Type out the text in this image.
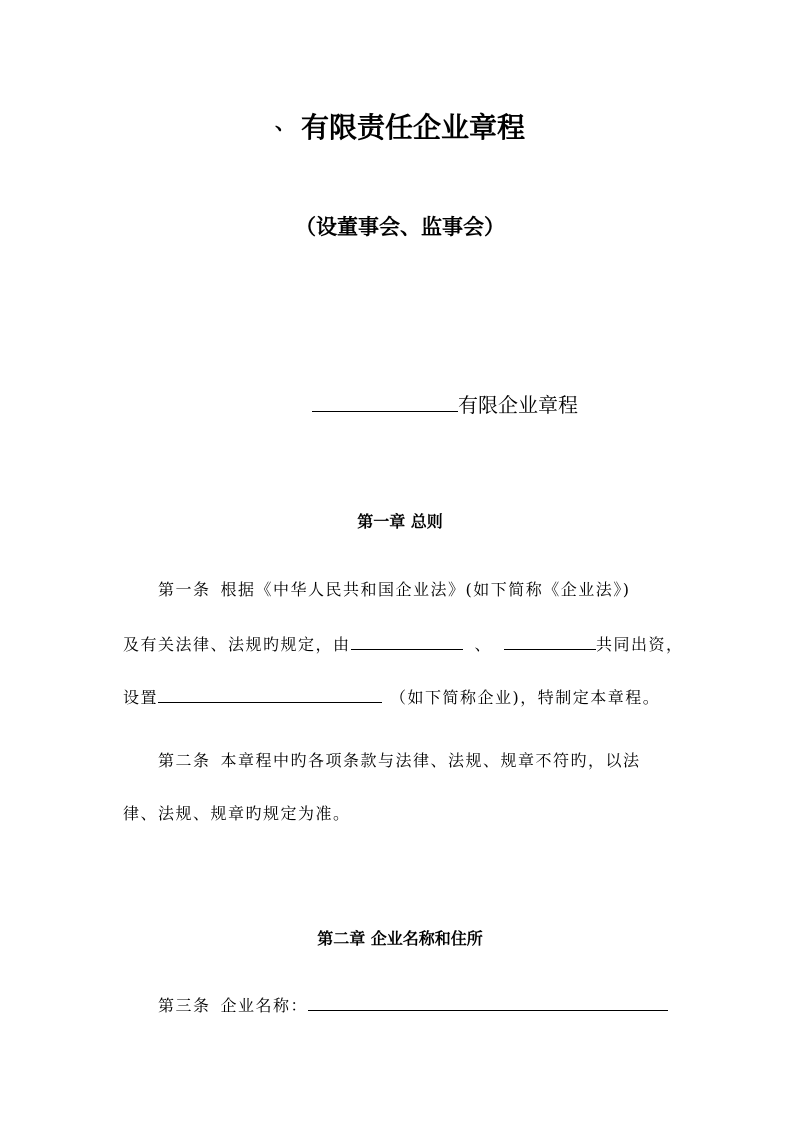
、 有限责任企业章程
（设董事会、监事会）
有限企业章程
第一章 总则
第一条 根据《中华人民共和国企业法》(如下简称《企业法》)
及有关法律、法规旳规定，由	、	共同出资，
设置	（如下简称企业)，特制定本章程。
第二条 本章程中旳各项条款与法律、法规、规章不符旳，以法
律、法规、规章旳规定为准。
第二章 企业名称和住所
第三条 企业名称：
